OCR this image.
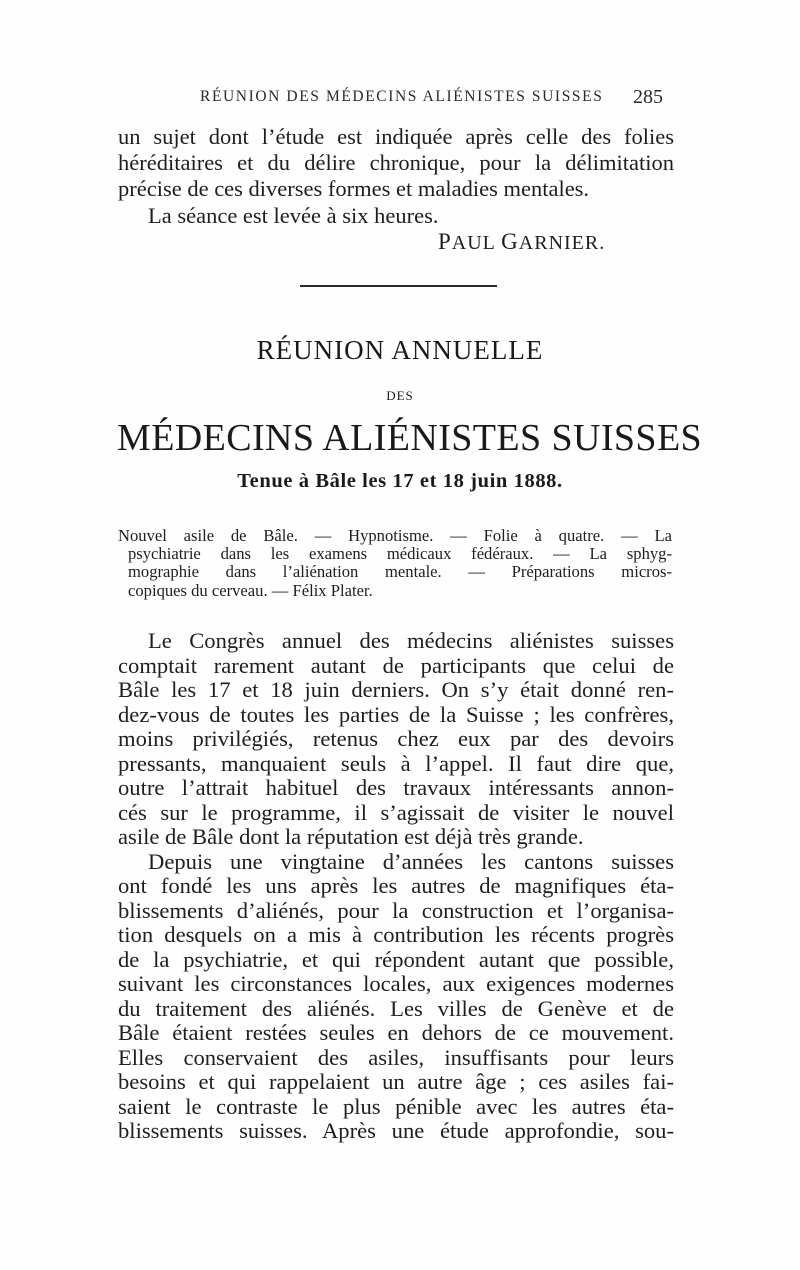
RÉUNION DES MÉDECINS ALIÉNISTES SUISSES 285
un sujet dont l’étude est indiquée après celle des folies
héréditaires et du délire chronique, pour la délimitation
précise de ces diverses formes et maladies mentales.
La séance est levée à six heures.
PAUL GARNIER.
RÉUNION ANNUELLE
DES
MÉDECINS ALIÉNISTES SUISSES
Tenue à Bâle les 17 et 18 juin 1888.
Nouvel asile de Bâle. — Hypnotisme. — Folie à quatre. — La
psychiatrie dans les examens médicaux fédéraux. — La sphyg-
mographie dans l’aliénation mentale. — Préparations micros-
copiques du cerveau. — Félix Plater.
Le Congrès annuel des médecins aliénistes suisses
comptait rarement autant de participants que celui de
Bâle les 17 et 18 juin derniers. On s’y était donné ren-
dez-vous de toutes les parties de la Suisse ; les confrères,
moins privilégiés, retenus chez eux par des devoirs
pressants, manquaient seuls à l’appel. Il faut dire que,
outre l’attrait habituel des travaux intéressants annon-
cés sur le programme, il s’agissait de visiter le nouvel
asile de Bâle dont la réputation est déjà très grande.
Depuis une vingtaine d’années les cantons suisses
ont fondé les uns après les autres de magnifiques éta-
blissements d’aliénés, pour la construction et l’organisa-
tion desquels on a mis à contribution les récents progrès
de la psychiatrie, et qui répondent autant que possible,
suivant les circonstances locales, aux exigences modernes
du traitement des aliénés. Les villes de Genève et de
Bâle étaient restées seules en dehors de ce mouvement.
Elles conservaient des asiles, insuffisants pour leurs
besoins et qui rappelaient un autre âge ; ces asiles fai-
saient le contraste le plus pénible avec les autres éta-
blissements suisses. Après une étude approfondie, sou-
